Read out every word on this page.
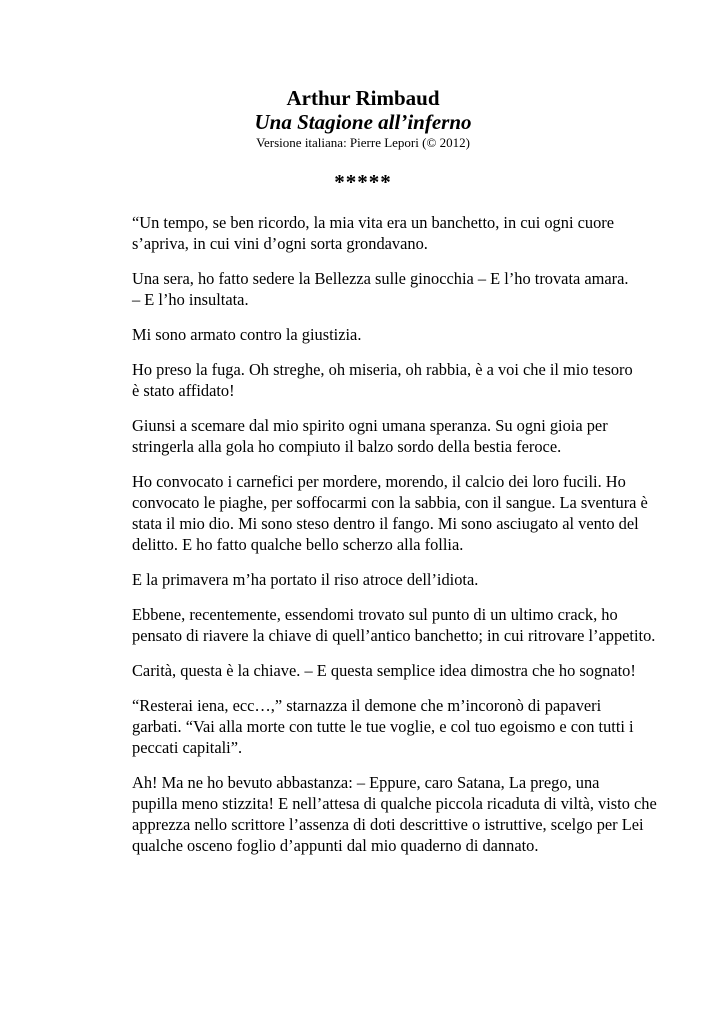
Arthur Rimbaud
Una Stagione all’inferno

Versione italiana: Pierre Lepori (© 2012)

*****

“Un tempo, se ben ricordo, la mia vita era un banchetto, in cui ogni cuore
s’apriva, in cui vini d’ogni sorta grondavano.

Una sera, ho fatto sedere la Bellezza sulle ginocchia – E l’ho trovata amara.
– E l’ho insultata.

Mi sono armato contro la giustizia.

Ho preso la fuga. Oh streghe, oh miseria, oh rabbia, è a voi che il mio tesoro
è stato affidato!

Giunsi a scemare dal mio spirito ogni umana speranza. Su ogni gioia per
stringerla alla gola ho compiuto il balzo sordo della bestia feroce.

Ho convocato i carnefici per mordere, morendo, il calcio dei loro fucili. Ho
convocato le piaghe, per soffocarmi con la sabbia, con il sangue. La sventura è
stata il mio dio. Mi sono steso dentro il fango. Mi sono asciugato al vento del
delitto. E ho fatto qualche bello scherzo alla follia.

E la primavera m’ha portato il riso atroce dell’idiota.

Ebbene, recentemente, essendomi trovato sul punto di un ultimo crack, ho
pensato di riavere la chiave di quell’antico banchetto; in cui ritrovare l’appetito.

Carità, questa è la chiave. – E questa semplice idea dimostra che ho sognato!

“Resterai iena, ecc…,” starnazza il demone che m’incoronò di papaveri
garbati. “Vai alla morte con tutte le tue voglie, e col tuo egoismo e con tutti i
peccati capitali”.

Ah! Ma ne ho bevuto abbastanza: – Eppure, caro Satana, La prego, una
pupilla meno stizzita! E nell’attesa di qualche piccola ricaduta di viltà, visto che
apprezza nello scrittore l’assenza di doti descrittive o istruttive, scelgo per Lei
qualche osceno foglio d’appunti dal mio quaderno di dannato.
